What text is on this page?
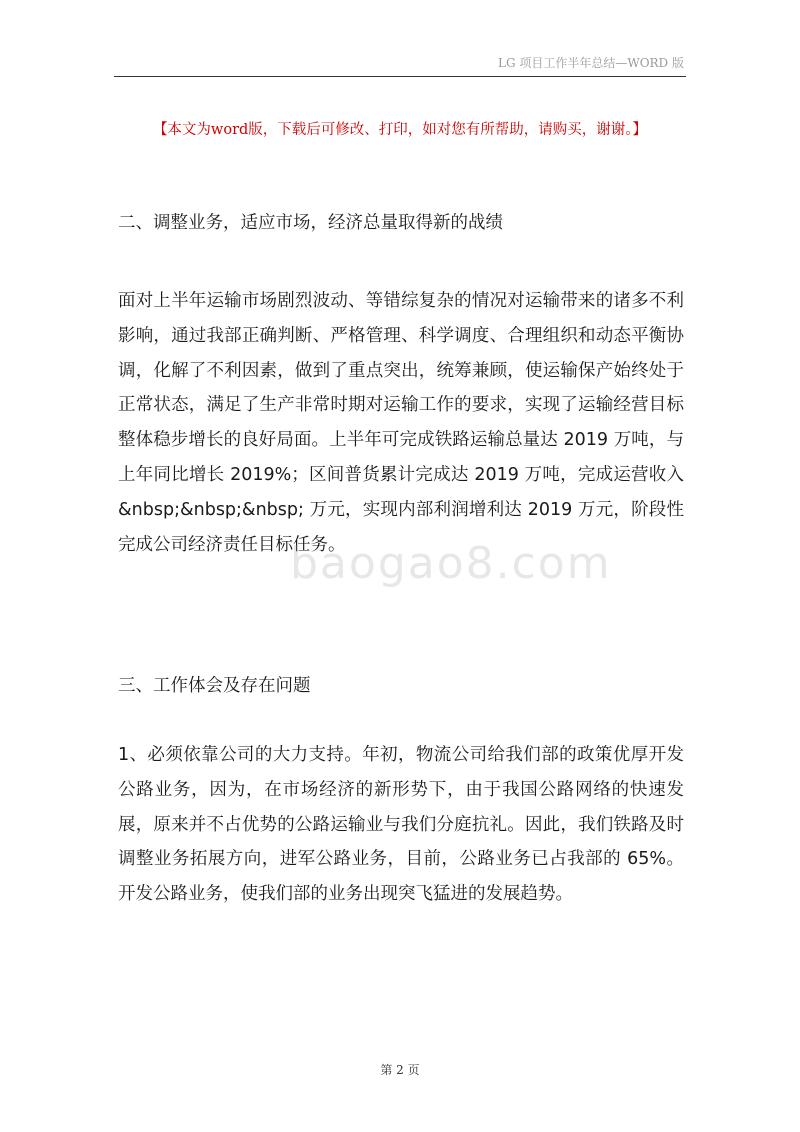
LG 项目工作半年总结—WORD 版
【本文为word版，下载后可修改、打印，如对您有所帮助，请购买，谢谢。】

二、调整业务，适应市场，经济总量取得新的战绩

面对上半年运输市场剧烈波动、等错综复杂的情况对运输带来的诸多不利影响，通过我部正确判断、严格管理、科学调度、合理组织和动态平衡协调，化解了不利因素，做到了重点突出，统筹兼顾，使运输保产始终处于正常状态，满足了生产非常时期对运输工作的要求，实现了运输经营目标整体稳步增长的良好局面。上半年可完成铁路运输总量达 2019 万吨，与上年同比增长 2019%；区间普货累计完成达 2019 万吨，完成运营收入&nbsp;&nbsp;&nbsp; 万元，实现内部利润增利达 2019 万元，阶段性完成公司经济责任目标任务。

三、工作体会及存在问题

1、必须依靠公司的大力支持。年初，物流公司给我们部的政策优厚开发公路业务，因为，在市场经济的新形势下，由于我国公路网络的快速发展，原来并不占优势的公路运输业与我们分庭抗礼。因此，我们铁路及时调整业务拓展方向，进军公路业务，目前，公路业务已占我部的 65%。开发公路业务，使我们部的业务出现突飞猛进的发展趋势。

baogao8.com
第 2 页
